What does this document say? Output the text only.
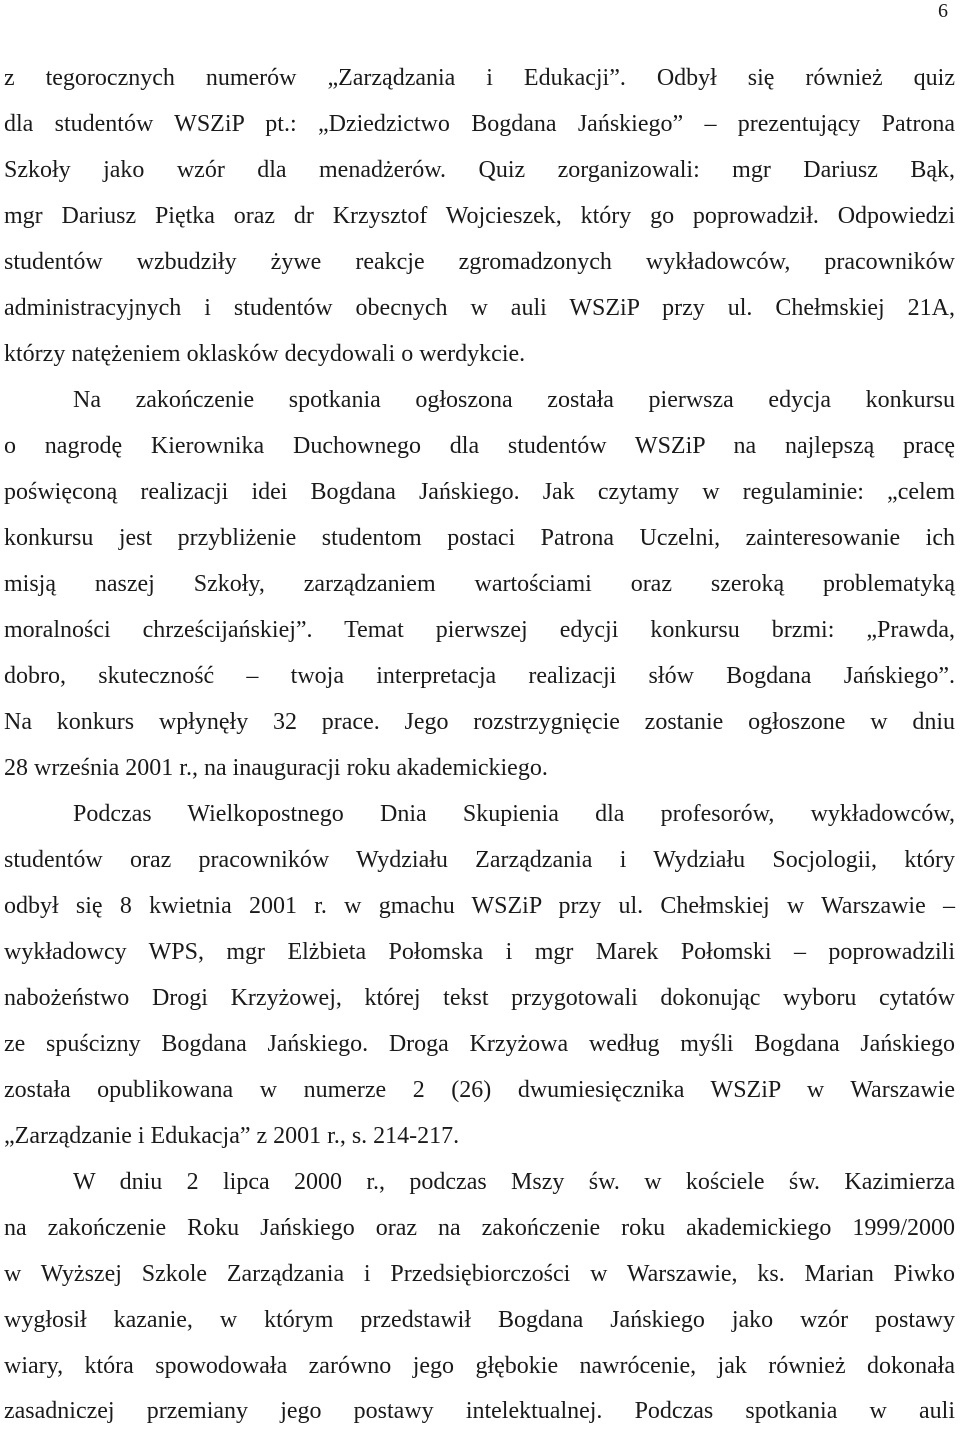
6
z tegorocznych numerów „Zarządzania i Edukacji”. Odbył się również quiz
dla studentów WSZiP pt.: „Dziedzictwo Bogdana Jańskiego” – prezentujący Patrona
Szkoły jako wzór dla menadżerów. Quiz zorganizowali: mgr Dariusz Bąk,
mgr Dariusz Piętka oraz dr Krzysztof Wojcieszek, który go poprowadził. Odpowiedzi
studentów wzbudziły żywe reakcje zgromadzonych wykładowców, pracowników
administracyjnych i studentów obecnych w auli WSZiP przy ul. Chełmskiej 21A,
którzy natężeniem oklasków decydowali o werdykcie.
Na zakończenie spotkania ogłoszona została pierwsza edycja konkursu
o nagrodę Kierownika Duchownego dla studentów WSZiP na najlepszą pracę
poświęconą realizacji idei Bogdana Jańskiego. Jak czytamy w regulaminie: „celem
konkursu jest przybliżenie studentom postaci Patrona Uczelni, zainteresowanie ich
misją naszej Szkoły, zarządzaniem wartościami oraz szeroką problematyką
moralności chrześcijańskiej”. Temat pierwszej edycji konkursu brzmi: „Prawda,
dobro, skuteczność – twoja interpretacja realizacji słów Bogdana Jańskiego”.
Na konkurs wpłynęły 32 prace. Jego rozstrzygnięcie zostanie ogłoszone w dniu
28 września 2001 r., na inauguracji roku akademickiego.
Podczas Wielkopostnego Dnia Skupienia dla profesorów, wykładowców,
studentów oraz pracowników Wydziału Zarządzania i Wydziału Socjologii, który
odbył się 8 kwietnia 2001 r. w gmachu WSZiP przy ul. Chełmskiej w Warszawie –
wykładowcy WPS, mgr Elżbieta Połomska i mgr Marek Połomski – poprowadzili
nabożeństwo Drogi Krzyżowej, której tekst przygotowali dokonując wyboru cytatów
ze spuścizny Bogdana Jańskiego. Droga Krzyżowa według myśli Bogdana Jańskiego
została opublikowana w numerze 2 (26) dwumiesięcznika WSZiP w Warszawie
„Zarządzanie i Edukacja” z 2001 r., s. 214-217.
W dniu 2 lipca 2000 r., podczas Mszy św. w kościele św. Kazimierza
na zakończenie Roku Jańskiego oraz na zakończenie roku akademickiego 1999/2000
w Wyższej Szkole Zarządzania i Przedsiębiorczości w Warszawie, ks. Marian Piwko
wygłosił kazanie, w którym przedstawił Bogdana Jańskiego jako wzór postawy
wiary, która spowodowała zarówno jego głębokie nawrócenie, jak również dokonała
zasadniczej przemiany jego postawy intelektualnej. Podczas spotkania w auli
